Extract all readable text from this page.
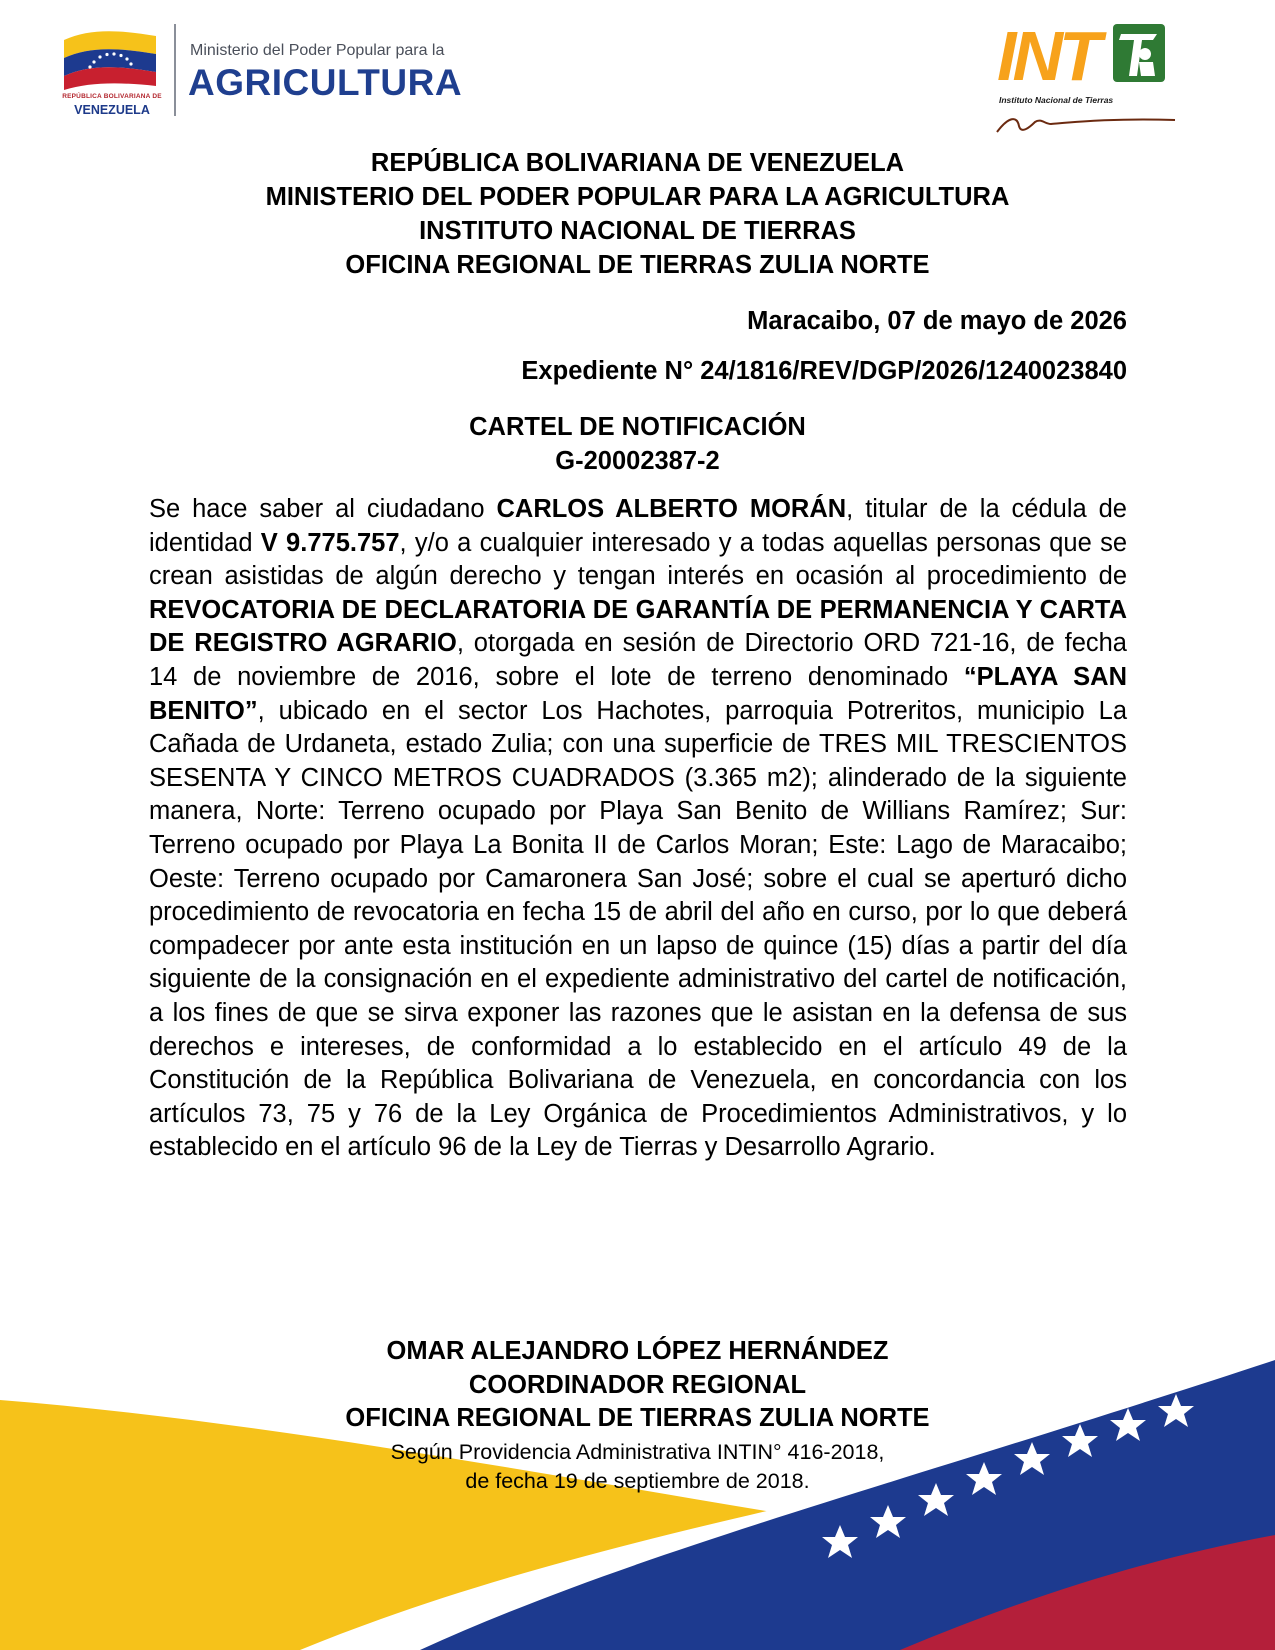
REPÚBLICA BOLIVARIANA DE
VENEZUELA
Ministerio del Poder Popular para la
AGRICULTURA	INT
Instituto Nacional de Tierras
REPÚBLICA BOLIVARIANA DE VENEZUELA
MINISTERIO DEL PODER POPULAR PARA LA AGRICULTURA
INSTITUTO NACIONAL DE TIERRAS
OFICINA REGIONAL DE TIERRAS ZULIA NORTE
Maracaibo, 07 de mayo de 2026
Expediente N° 24/1816/REV/DGP/2026/1240023840
CARTEL DE NOTIFICACIÓN
G-20002387-2
Se hace saber al ciudadano CARLOS ALBERTO MORÁN, titular de la cédula de identidad V 9.775.757, y/o a cualquier interesado y a todas aquellas personas que se crean asistidas de algún derecho y tengan interés en ocasión al procedimiento de REVOCATORIA DE DECLARATORIA DE GARANTÍA DE PERMANENCIA Y CARTA DE REGISTRO AGRARIO, otorgada en sesión de Directorio ORD 721-16, de fecha 14 de noviembre de 2016, sobre el lote de terreno denominado “PLAYA SAN BENITO”, ubicado en el sector Los Hachotes, parroquia Potreritos, municipio La Cañada de Urdaneta, estado Zulia; con una superficie de TRES MIL TRESCIENTOS SESENTA Y CINCO METROS CUADRADOS (3.365 m2); alinderado de la siguiente manera, Norte: Terreno ocupado por Playa San Benito de Willians Ramírez; Sur: Terreno ocupado por Playa La Bonita II de Carlos Moran; Este: Lago de Maracaibo; Oeste: Terreno ocupado por Camaronera San José; sobre el cual se aperturó dicho procedimiento de revocatoria en fecha 15 de abril del año en curso, por lo que deberá compadecer por ante esta institución en un lapso de quince (15) días a partir del día siguiente de la consignación en el expediente administrativo del cartel de notificación, a los fines de que se sirva exponer las razones que le asistan en la defensa de sus derechos e intereses, de conformidad a lo establecido en el artículo 49 de la Constitución de la República Bolivariana de Venezuela, en concordancia con los artículos 73, 75 y 76 de la Ley Orgánica de Procedimientos Administrativos, y lo establecido en el artículo 96 de la Ley de Tierras y Desarrollo Agrario.
OMAR ALEJANDRO LÓPEZ HERNÁNDEZ
COORDINADOR REGIONAL
OFICINA REGIONAL DE TIERRAS ZULIA NORTE
Según Providencia Administrativa INTIN° 416-2018,
de fecha 19 de septiembre de 2018.
